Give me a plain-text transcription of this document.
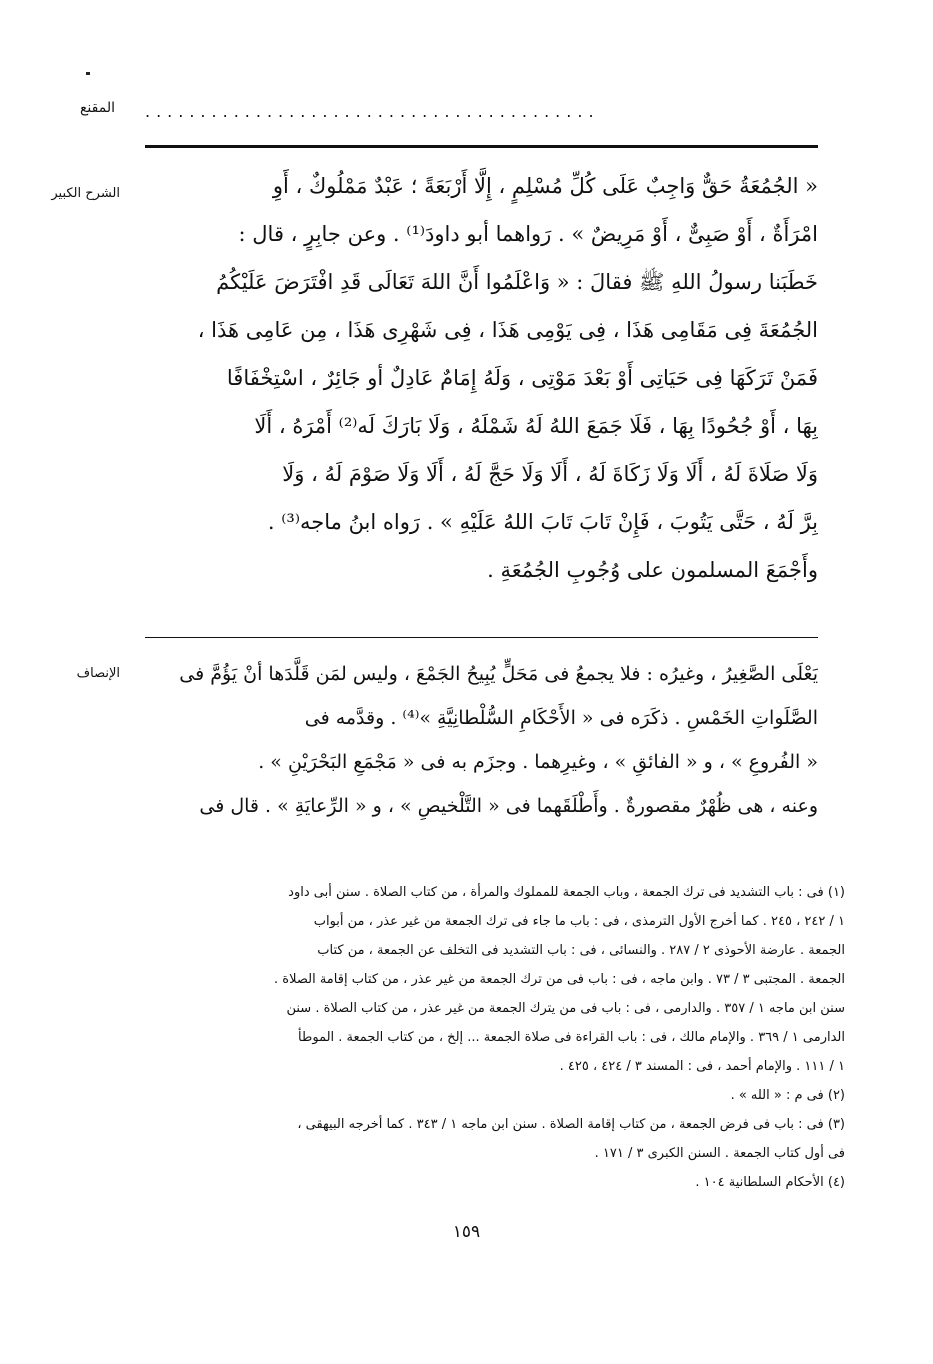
المقنع .........................................
الشرح الكبير	« الجُمُعَةُ حَقٌّ وَاجِبٌ عَلَى كُلِّ مُسْلِمٍ ، إِلَّا أَرْبَعَةً ؛ عَبْدٌ مَمْلُوكٌ ، أَوِ
امْرَأَةٌ ، أَوْ صَبِىٌّ ، أَوْ مَرِيضٌ » . رَواهما أبو داودَ⁽¹⁾ . وعن جابِرٍ ، قال :
خَطَبَنا رسولُ اللهِ ﷺ فقالَ : « وَاعْلَمُوا أَنَّ اللهَ تَعَالَى قَدِ افْتَرَضَ عَلَيْكُمُ
الجُمُعَةَ فِى مَقَامِى هَذَا ، فِى يَوْمِى هَذَا ، فِى شَهْرِى هَذَا ، مِن عَامِى هَذَا ،
فَمَنْ تَرَكَهَا فِى حَيَاتِى أَوْ بَعْدَ مَوْتِى ، وَلَهُ إِمَامٌ عَادِلٌ أو جَائِرٌ ، اسْتِخْفَافًا
بِهَا ، أَوْ جُحُودًا بِهَا ، فَلَا جَمَعَ اللهُ لَهُ شَمْلَهُ ، وَلَا بَارَكَ لَه⁽²⁾ أَمْرَهُ ، أَلَا
وَلَا صَلَاةَ لَهُ ، أَلَا وَلَا زَكَاةَ لَهُ ، أَلَا وَلَا حَجَّ لَهُ ، أَلَا وَلَا صَوْمَ لَهُ ، وَلَا
بِرَّ لَهُ ، حَتَّى يَتُوبَ ، فَإِنْ تَابَ تَابَ اللهُ عَلَيْهِ » . رَواه ابنُ ماجه⁽³⁾ .
وأَجْمَعَ المسلمون على وُجُوبِ الجُمُعَةِ .
الإنصاف	يَعْلَى الصَّغِيرُ ، وغيرُه : فلا يجمعُ فى مَحَلٍّ يُبِيحُ الجَمْعَ ، وليس لمَن قَلَّدَها أنْ يَؤُمَّ فى
الصَّلَواتِ الخَمْسِ . ذكَرَه فى « الأَحْكَامِ السُّلْطانِيَّةِ »⁽⁴⁾ . وقدَّمه فى
« الفُروعِ » ، و « الفائقِ » ، وغيرِهما . وجزَم به فى « مَجْمَعِ البَحْرَيْنِ » .
وعنه ، هى ظُهْرٌ مقصورةٌ . وأَطْلَقَهما فى « التَّلْخيصِ » ، و « الرِّعايَةِ » . قال فى
(١) فى : باب التشديد فى ترك الجمعة ، وباب الجمعة للمملوك والمرأة ، من كتاب الصلاة . سنن أبى داود
١ / ٢٤٢ ، ٢٤٥ . كما أخرج الأول الترمذى ، فى : باب ما جاء فى ترك الجمعة من غير عذر ، من أبواب
الجمعة . عارضة الأحوذى ٢ / ٢٨٧ . والنسائى ، فى : باب التشديد فى التخلف عن الجمعة ، من كتاب
الجمعة . المجتبى ٣ / ٧٣ . وابن ماجه ، فى : باب فى من ترك الجمعة من غير عذر ، من كتاب إقامة الصلاة .
سنن ابن ماجه ١ / ٣٥٧ . والدارمى ، فى : باب فى من يترك الجمعة من غير عذر ، من كتاب الصلاة . سنن
الدارمى ١ / ٣٦٩ . والإمام مالك ، فى : باب القراءة فى صلاة الجمعة ... إلخ ، من كتاب الجمعة . الموطأ
١ / ١١١ . والإمام أحمد ، فى : المسند ٣ / ٤٢٤ ، ٤٢٥ .
(٢) فى م : « الله » .
(٣) فى : باب فى فرض الجمعة ، من كتاب إقامة الصلاة . سنن ابن ماجه ١ / ٣٤٣ . كما أخرجه البيهقى ،
فى أول كتاب الجمعة . السنن الكبرى ٣ / ١٧١ .
(٤) الأحكام السلطانية ١٠٤ .
١٥٩
